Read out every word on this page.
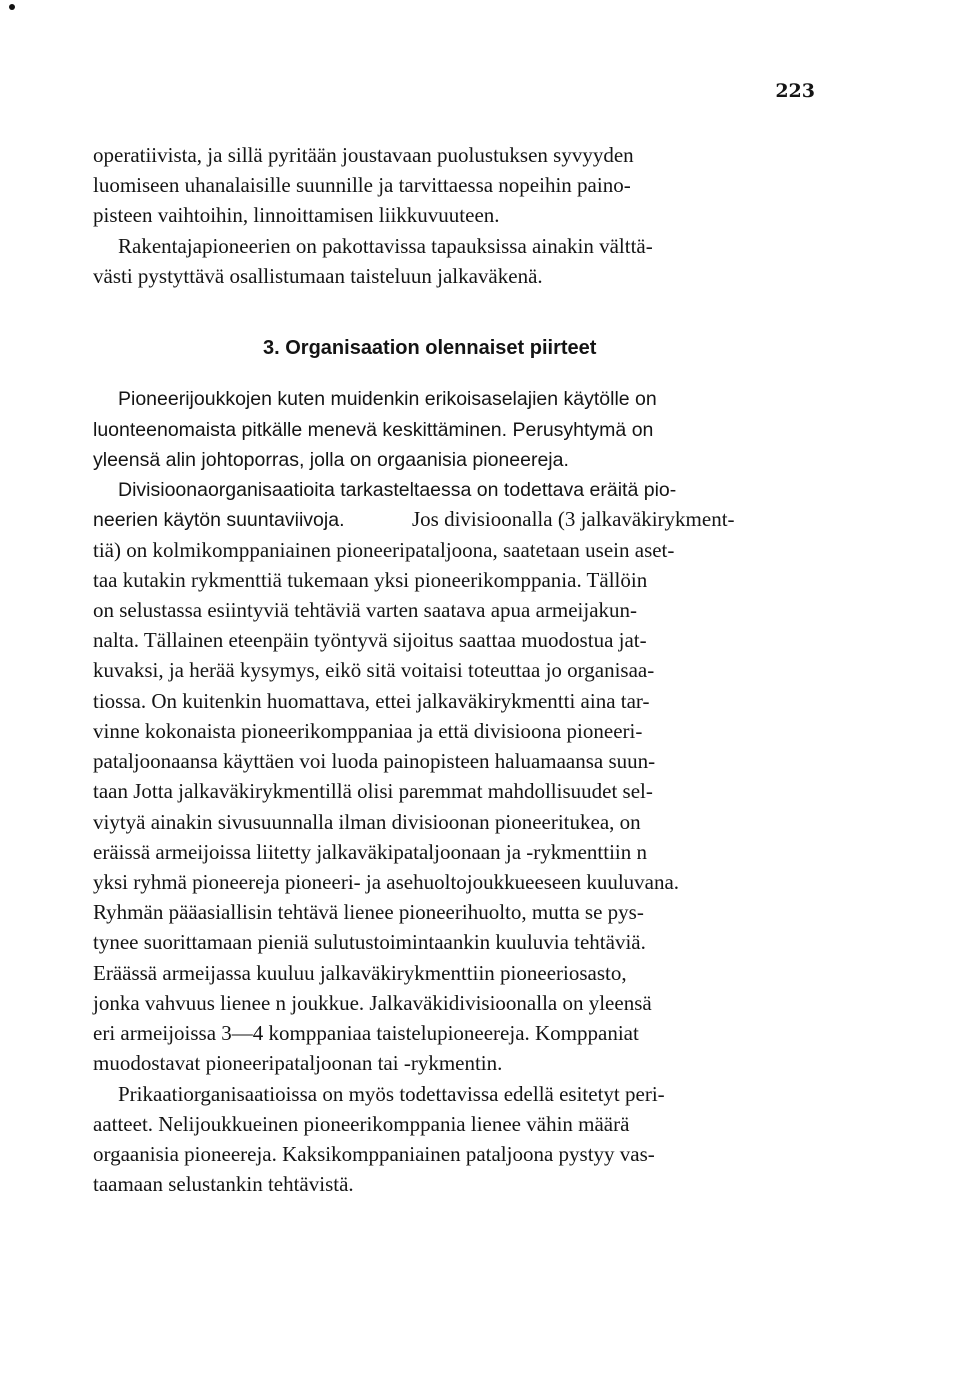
223
operatiivista, ja sillä pyritään joustavaan puolustuksen syvyyden
luomiseen uhanalaisille suunnille ja tarvittaessa nopeihin paino-
pisteen vaihtoihin, linnoittamisen liikkuvuuteen.
Rakentajapioneerien on pakottavissa tapauksissa ainakin välttä-
västi pystyttävä osallistumaan taisteluun jalkaväkenä.
3. Organisaation olennaiset piirteet
Pioneerijoukkojen kuten muidenkin erikoisaselajien käytölle on
luonteenomaista pitkälle menevä keskittäminen. Perusyhtymä on
yleensä alin johtoporras, jolla on orgaanisia pioneereja.
Divisioonaorganisaatioita tarkasteltaessa on todettava eräitä pio-
neerien käytön suuntaviivoja.	Jos divisioonalla (3 jalkaväkirykment-
tiä) on kolmikomppaniainen pioneeripataljoona, saatetaan usein aset-
taa kutakin rykmenttiä tukemaan yksi pioneerikomppania. Tällöin
on selustassa esiintyviä tehtäviä varten saatava apua armeijakun-
nalta. Tällainen eteenpäin työntyvä sijoitus saattaa muodostua jat-
kuvaksi, ja herää kysymys, eikö sitä voitaisi toteuttaa jo organisaa-
tiossa. On kuitenkin huomattava, ettei jalkaväkirykmentti aina tar-
vinne kokonaista pioneerikomppaniaa ja että divisioona pioneeri-
pataljoonaansa käyttäen voi luoda painopisteen haluamaansa suun-
taan Jotta jalkaväkirykmentillä olisi paremmat mahdollisuudet sel-
viytyä ainakin sivusuunnalla ilman divisioonan pioneeritukea, on
eräissä armeijoissa liitetty jalkaväkipataljoonaan ja -rykmenttiin n
yksi ryhmä pioneereja pioneeri- ja asehuoltojoukkueeseen kuuluvana.
Ryhmän pääasiallisin tehtävä lienee pioneerihuolto, mutta se pys-
tynee suorittamaan pieniä sulutustoimintaankin kuuluvia tehtäviä.
Eräässä armeijassa kuuluu jalkaväkirykmenttiin pioneeriosasto,
jonka vahvuus lienee n joukkue. Jalkaväkidivisioonalla on yleensä
eri armeijoissa 3—4 komppaniaa taistelupioneereja. Komppaniat
muodostavat pioneeripataljoonan tai -rykmentin.
Prikaatiorganisaatioissa on myös todettavissa edellä esitetyt peri-
aatteet. Nelijoukkueinen pioneerikomppania lienee vähin määrä
orgaanisia pioneereja. Kaksikomppaniainen pataljoona pystyy vas-
taamaan selustankin tehtävistä.
